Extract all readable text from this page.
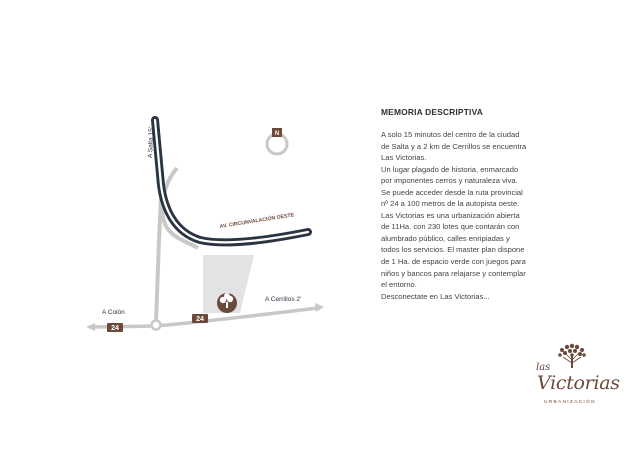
A Salta 15'
AV. CIRCUNVALACIÓN OESTE
A Cerrillos 2'
A Colón
24
24
N
MEMORIA DESCRIPTIVA
A solo 15 minutos del centro de la ciudad
de Salta y a 2 km de Cerrillos se encuentra
Las Victorias.
Un lugar plagado de historia, enmarcado
por imponentes cerros y naturaleza viva.
Se puede acceder desde la ruta provincial
nº 24 a 100 metros de la autopista oeste.
Las Victorias es una urbanización abierta
de 11Ha. con 230 lotes que contarán con
alumbrado público, calles enripiadas y
todos los servicios. El master plan dispone
de 1 Ha. de espacio verde con juegos para
niños y bancos para relajarse y contemplar
el entorno.
Desconectate en Las Victorias...
las
Victorias
URBANIZACIÓN
